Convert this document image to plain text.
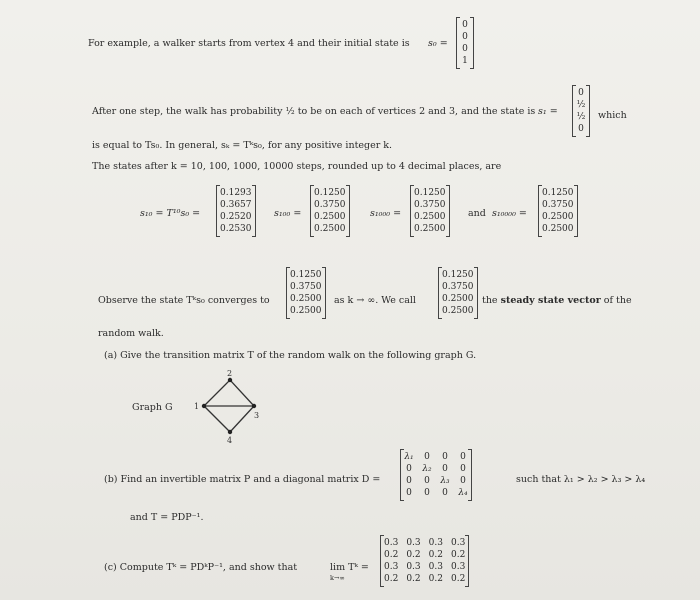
For example, a walker starts from vertex 4 and their initial state is s₀ =
0
0
0
1
After one step, the walk has probability ½ to be on each of vertices 2 and 3, and the state is s₁ =
0
½
½
0
which
is equal to Ts₀. In general, sₖ = Tᵏs₀, for any positive integer k.
The states after k = 10, 100, 1000, 10000 steps, rounded up to 4 decimal places, are
s₁₀ = T¹⁰s₀ =
0.1293
0.3657
0.2520
0.2530
s₁₀₀ =
0.1250
0.3750
0.2500
0.2500
s₁₀₀₀ =
0.1250
0.3750
0.2500
0.2500
and s₁₀₀₀₀ =
0.1250
0.3750
0.2500
0.2500
Observe the state Tᵏs₀ converges to
0.1250
0.3750
0.2500
0.2500
as k → ∞. We call
0.1250
0.3750
0.2500
0.2500
the steady state vector of the
random walk.
(a) Give the transition matrix T of the random walk on the following graph G.
Graph G	1
2
3
4
(b) Find an invertible matrix P and a diagonal matrix D =
λ₁ 0 0 0
0 λ₂ 0 0
0 0 λ₃ 0
0 0 0 λ₄
such that λ₁ > λ₂ > λ₃ > λ₄
and T = PDP⁻¹.
(c) Compute Tᵏ = PDᵏP⁻¹, and show that	lim Tᵏ =
k→∞
0.3 0.3 0.3 0.3
0.2 0.2 0.2 0.2
0.3 0.3 0.3 0.3
0.2 0.2 0.2 0.2
